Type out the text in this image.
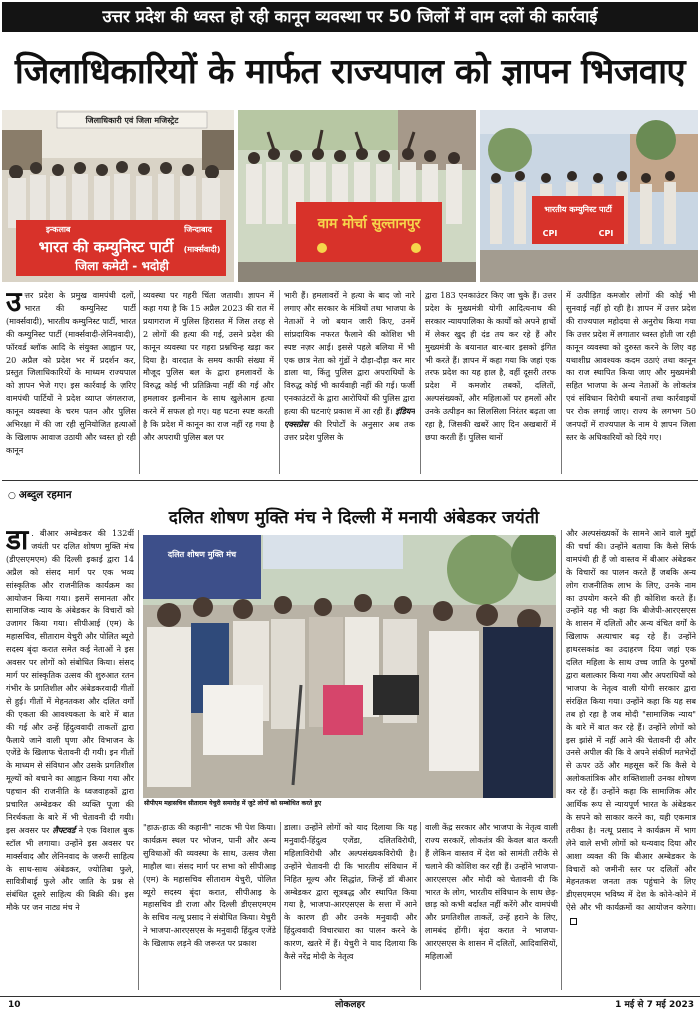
उत्तर प्रदेश की ध्वस्त हो रही कानून व्यवस्था पर 50 जिलों में वाम दलों की कार्रवाई
जिलाधिकारियों के मार्फत राज्यपाल को ज्ञापन भिजवाए
जिलाधिकारी एवं जिला मजिस्ट्रेट
इन्कलाब	जिन्दाबाद
भारत की कम्युनिस्ट पार्टी (मार्क्सवादी)
जिला कमेटी - भदोही
वाम मोर्चा सुल्तानपुर
भारतीय कम्युनिस्ट पार्टी
CPI	CPI
उत्तर प्रदेश के प्रमुख वामपंथी दलों, भारत की कम्युनिस्ट पार्टी (मार्क्सवादी), भारतीय कम्युनिस्ट पार्टी, भारत की कम्युनिस्ट पार्टी (मार्क्सवादी-लेनिनवादी), फॉरवर्ड ब्लॉक आदि के संयुक्त आह्वान पर, 20 अप्रैल को प्रदेश भर में प्रदर्शन कर, प्रस्तुत जिलाधिकारियों के माध्यम राज्यपाल को ज्ञापन भेजे गए। इस कार्रवाई के ज़रिए वामपंथी पार्टियों ने प्रदेश व्याप्त जंगलराज, कानून व्यवस्था के चरम पतन और पुलिस अभिरक्षा में की जा रही सुनियोजित हत्याओं के खिलाफ आवाज उठायी और ध्वस्त हो रही कानून
व्यवस्था पर गहरी चिंता जतायी। ज्ञापन में कहा गया है कि 15 अप्रैल 2023 की रात में प्रयागराज में पुलिस हिरासत में जिस तरह से 2 लोगों की हत्या की गई, उसने प्रदेश की कानून व्यवस्था पर गहरा प्रश्नचिन्ह खड़ा कर दिया है। वारदात के समय काफी संख्या में मौजूद पुलिस बल के द्वारा हमलावरों के विरुद्ध कोई भी प्रतिक्रिया नहीं की गई और हमलावर इत्मीनान के साथ खुलेआम हत्या करने में सफल हो गए। यह घटना स्पष्ट करती है कि प्रदेश में कानून का राज नहीं रह गया है और अपराधी पुलिस बल पर
भारी हैं। हमलावरों ने हत्या के बाद जो नारे लगाए और सरकार के मंत्रियों तथा भाजपा के नेताओं ने जो बयान जारी किए, उनमें सांप्रदायिक नफरत फैलाने की कोशिश भी स्पष्ट नज़र आई। इससे पहले बलिया में भी एक छात्र नेता को गुंडों ने दौड़ा-दौड़ा कर मार डाला था, किंतु पुलिस द्वारा अपराधियों के विरुद्ध कोई भी कार्यवाही नहीं की गई। फर्जी एनकाउंटरों के द्वारा आरोपियों की पुलिस द्वारा हत्या की घटनाएं प्रकाश में आ रही हैं। इंडियन एक्सप्रेस की रिपोर्टों के अनुसार अब तक उत्तर प्रदेश पुलिस के
द्वारा 183 एनकाउंटर किए जा चुके हैं। उत्तर प्रदेश के मुख्यमंत्री योगी आदित्यनाथ की सरकार न्यायपालिका के कार्यों को अपने हाथों में लेकर खुद ही दंड तय कर रहे हैं और मुख्यमंत्री के बयानात बार-बार इसको इंगित भी करते हैं। ज्ञापन में कहा गया कि जहां एक तरफ प्रदेश का यह हाल है, वहीं दूसरी तरफ प्रदेश में कमजोर तबकों, दलितों, अल्पसंख्यकों, और महिलाओं पर हमलों और उनके उत्पीड़न का सिलसिला निरंतर बढ़ता जा रहा है, जिसकी खबरें आए दिन अखबारों में छपा करती हैं। पुलिस थानों
में उत्पीड़ित कमजोर लोगों की कोई भी सुनवाई नहीं हो रही है। ज्ञापन में उत्तर प्रदेश की राज्यपाल महोदया से अनुरोध किया गया कि उत्तर प्रदेश में लगातार ध्वस्त होती जा रही कानून व्यवस्था को दुरुस्त करने के लिए वह यथाशीघ्र आवश्यक कदम उठाएं तथा कानून का राज स्थापित किया जाए और मुख्यमंत्री सहित भाजपा के अन्य नेताओं के लोकतंत्र एवं संविधान विरोधी बयानों तथा कार्रवाइयों पर रोक लगाई जाए। राज्य के लगभग 50 जनपदों में राज्यपाल के नाम ये ज्ञापन जिला स्तर के अधिकारियों को दिये गए।
○ अब्दुल रहमान
दलित शोषण मुक्ति मंच ने दिल्ली में मनायी अंबेडकर जयंती
डा . बीआर अम्बेडकर की 132वीं जयंती पर दलित शोषण मुक्ति मंच (डीएसएमएम) की दिल्ली इकाई द्वारा 14 अप्रैल को संसद मार्ग पर एक भव्य सांस्कृतिक और राजनीतिक कार्यक्रम का आयोजन किया गया। इसमें समानता और सामाजिक न्याय के अंबेडकर के विचारों को उजागर किया गया। सीपीआई (एम) के महासचिव, सीताराम येचुरी और पोलित ब्यूरो सदस्य बृंदा करात समेत कई नेताओं ने इस अवसर पर लोगों को संबोधित किया। संसद मार्ग पर सांस्कृतिक उत्सव की शुरुआत रतन गंभीर के प्रगतिशील और अंबेडकरवादी गीतों से हुई। गीतों में मेहनतकश और दलित वर्गों की एकता की आवश्यकता के बारे में बात की गई और उन्हें हिंदुत्ववादी ताकतों द्वारा फैलाये जाने वाली घृणा और विभाजन के एजेंडे के खिलाफ चेतावनी दी गयी। इन गीतों के माध्यम से संविधान और उसके प्रगतिशील मूल्यों को बचाने का आह्वान किया गया और पहचान की राजनीति के ध्वजवाहकों द्वारा प्रचारित अम्बेडकर की व्यक्ति पूजा की निरर्थकता के बारे में भी चेतावनी दी गयी। इस अवसर पर लैफ्टवर्ड ने एक विशाल बुक स्टॉल भी लगाया। उन्होंने इस अवसर पर मार्क्सवाद और लेनिनवाद के जरूरी साहित्य के साथ-साथ अंबेडकर, ज्योतिबा फुले, सावित्रीबाई फुले और जाति के प्रश्न से संबंधित दूसरे साहित्य की बिक्री की। इस मौके पर जन नाट्य मंच ने
दलित शोषण मुक्ति मंच
सीपीएम महासचिव सीताराम येचुरी समारोह में जुटे लोगों को सम्बोधित करते हुए
"हाऊ-हाऊ की कहानी" नाटक भी पेश किया। कार्यक्रम स्थल पर भोजन, पानी और अन्य सुविधाओं की व्यवस्था के साथ, उत्सव जैसा माहौल था। संसद मार्ग पर सभा को सीपीआइ (एम) के महासचिव सीताराम येचुरी, पोलित ब्यूरो सदस्य बृंदा करात, सीपीआइ के महासचिव डी राजा और दिल्ली डीएसएमएम के सचिव नत्थू प्रसाद ने संबोधित किया। येचुरी ने भाजपा-आरएसएस के मनुवादी हिंदुत्व एजेंडे के खिलाफ लड़ने की जरूरत पर प्रकाश
डाला। उन्होंने लोगों को याद दिलाया कि यह मनुवादी-हिंदुत्व एजेंडा, दलितविरोधी, महिलाविरोधी और अल्पसंख्यकविरोधी है। उन्होंने चेतावनी दी कि भारतीय संविधान में निहित मूल्य और सिद्धांत, जिन्हें डॉ बीआर अम्बेडकर द्वारा सूत्रबद्ध और स्थापित किया गया है, भाजपा-आरएसएस के सत्ता में आने के कारण ही और उनके मनुवादी और हिंदुत्ववादी विचारधारा का पालन करने के कारण, खतरे में हैं। येचुरी ने याद दिलाया कि कैसे नरेंद्र मोदी के नेतृत्व
वाली केंद्र सरकार और भाजपा के नेतृत्व वाली राज्य सरकारें, लोकतंत्र की केवल बात करती हैं लेकिन वास्तव में देश को सामंती तरीके से चलाने की कोशिश कर रही हैं। उन्होंने भाजपा-आरएसएस और मोदी को चेतावनी दी कि भारत के लोग, भारतीय संविधान के साथ छेड़-छाड़ को कभी बर्दाश्त नहीं करेंगे और वामपंथी और प्रगतिशील ताकतें, उन्हें हराने के लिए, लामबंद होंगी। बृंदा करात ने भाजपा-आरएसएस के शासन में दलितों, आदिवासियों, महिलाओं
और अल्पसंख्यकों के सामने आने वाले मुद्दों की चर्चा की। उन्होंने बताया कि कैसे सिर्फ वामपंथी ही हैं जो वास्तव में बीआर अंबेडकर के विचारों का पालन करते हैं जबकि अन्य लोग राजनीतिक लाभ के लिए, उनके नाम का उपयोग करने की ही कोशिश करते हैं। उन्होंने यह भी कहा कि बीजेपी-आरएसएस के शासन में दलितों और अन्य वंचित वर्गों के खिलाफ अत्याचार बढ़ रहे हैं। उन्होंने हाथरसकांड का उदाहरण दिया जहां एक दलित महिला के साथ उच्च जाति के पुरुषों द्वारा बलात्कार किया गया और अपराधियों को भाजपा के नेतृत्व वाली योगी सरकार द्वारा संरक्षित किया गया। उन्होंने कहा कि यह सब तब हो रहा है जब मोदी "सामाजिक न्याय" के बारे में बात कर रहे हैं। उन्होंने लोगों को इस झांसे में नहीं आने की चेतावनी दी और उनसे अपील की कि वे अपने संकीर्ण मतभेदों से ऊपर उठें और महसूस करें कि कैसे ये अलोकतांत्रिक और शक्तिशाली उनका शोषण कर रहे हैं। उन्होंने कहा कि सामाजिक और आर्थिक रूप से न्यायपूर्ण भारत के अंबेडकर के सपने को साकार करने का, यही एकमात्र तरीका है। नत्थू प्रसाद ने कार्यक्रम में भाग लेने वाले सभी लोगों को धन्यवाद दिया और आशा व्यक्त की कि बीआर अम्बेडकर के विचारों को जमीनी स्तर पर दलितों और मेहनतकश जनता तक पहुंचाने के लिए डीएसएमएम भविष्य में देश के कोने-कोने में ऐसे और भी कार्यक्रमों का आयोजन करेगा।
10	लोकलहर	1 मई से 7 मई 2023
